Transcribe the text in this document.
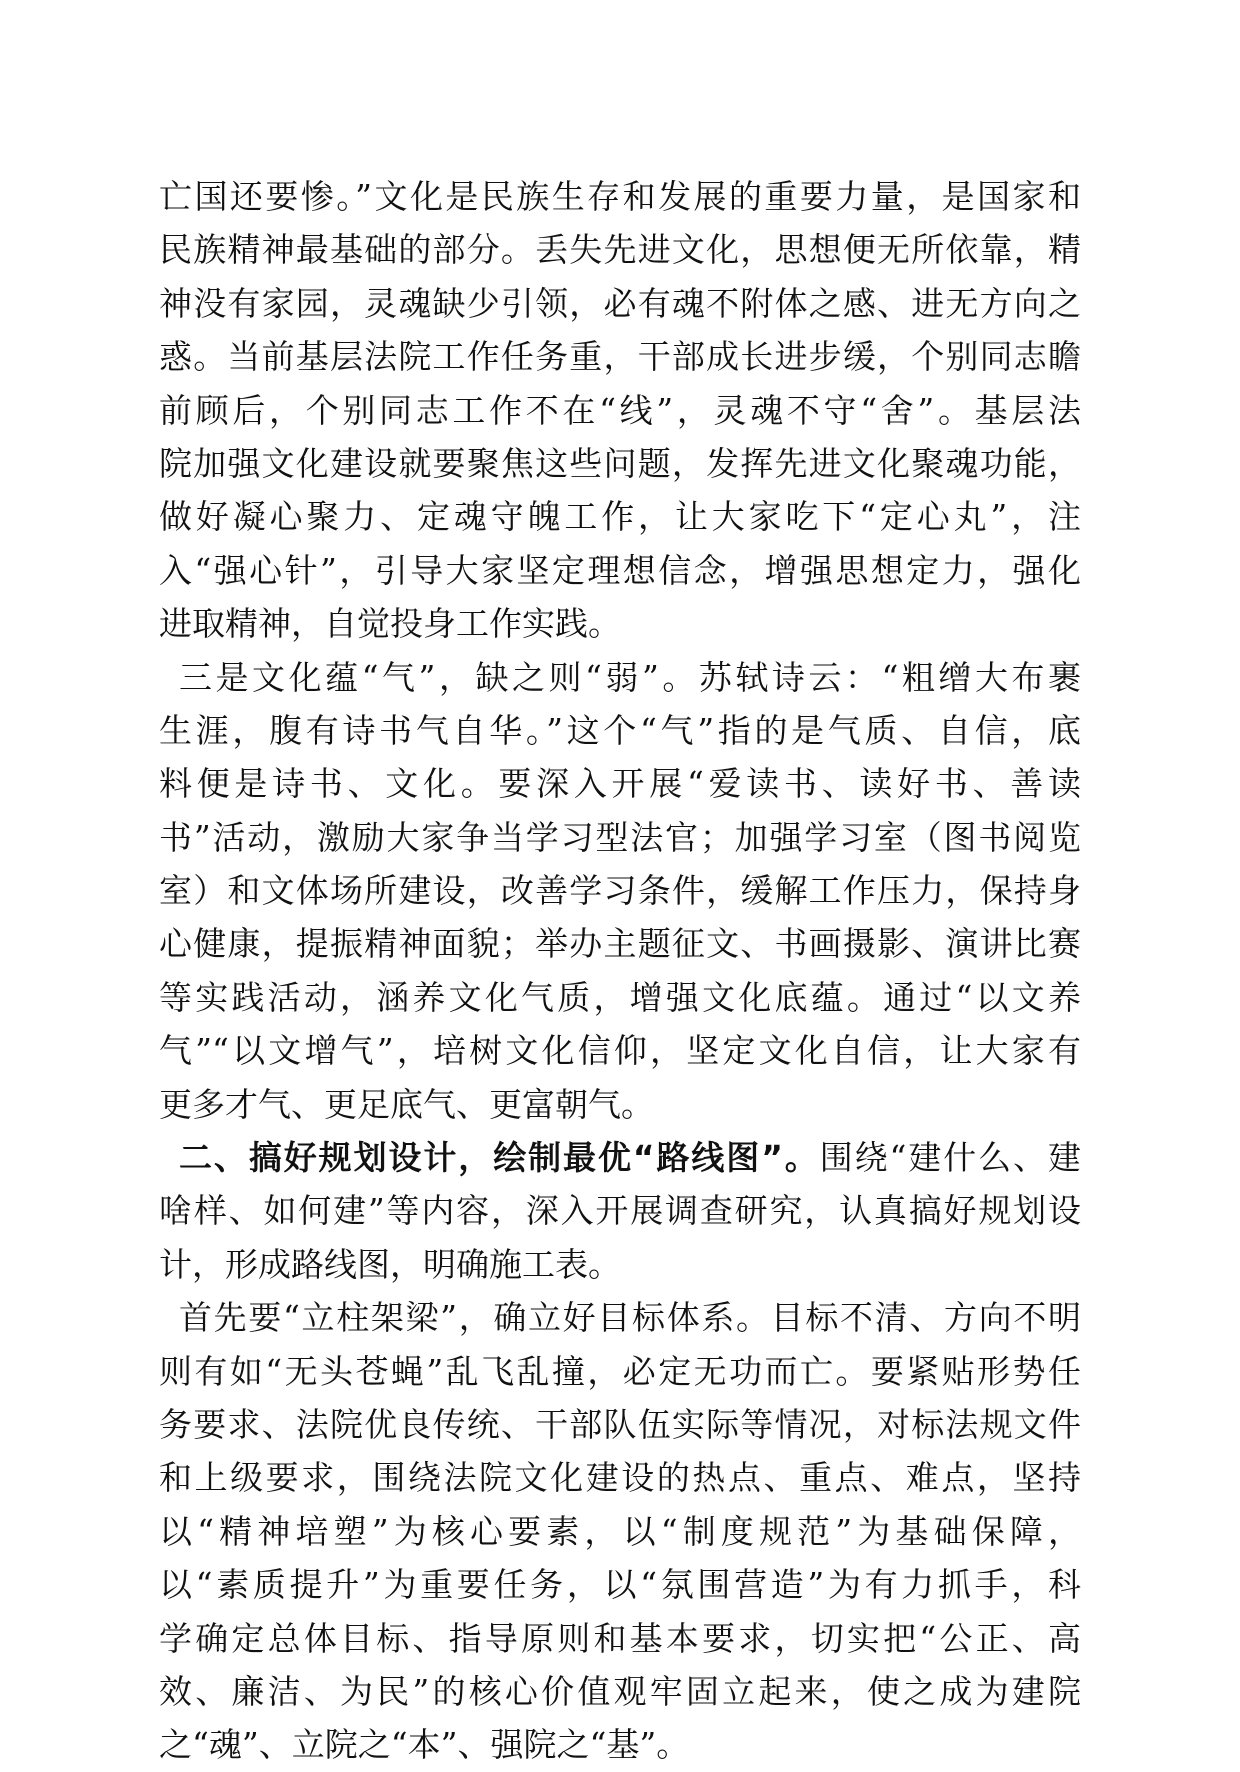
亡国还要惨。”文化是民族生存和发展的重要力量，是国家和
民族精神最基础的部分。丢失先进文化，思想便无所依靠，精
神没有家园，灵魂缺少引领，必有魂不附体之感、进无方向之
惑。当前基层法院工作任务重，干部成长进步缓，个别同志瞻
前顾后，个别同志工作不在“线”，灵魂不守“舍”。基层法
院加强文化建设就要聚焦这些问题，发挥先进文化聚魂功能，
做好凝心聚力、定魂守魄工作，让大家吃下“定心丸”，注
入“强心针”，引导大家坚定理想信念，增强思想定力，强化
进取精神，自觉投身工作实践。
三是文化蕴“气”，缺之则“弱”。苏轼诗云：“粗缯大布裹
生涯，腹有诗书气自华。”这个“气”指的是气质、自信，底
料便是诗书、文化。要深入开展“爱读书、读好书、善读
书”活动，激励大家争当学习型法官；加强学习室（图书阅览
室）和文体场所建设，改善学习条件，缓解工作压力，保持身
心健康，提振精神面貌；举办主题征文、书画摄影、演讲比赛
等实践活动，涵养文化气质，增强文化底蕴。通过“以文养
气”“以文增气”，培树文化信仰，坚定文化自信，让大家有
更多才气、更足底气、更富朝气。
二、搞好规划设计，绘制最优“路线图”。围绕“建什么、建
啥样、如何建”等内容，深入开展调查研究，认真搞好规划设
计，形成路线图，明确施工表。
首先要“立柱架梁”，确立好目标体系。目标不清、方向不明
则有如“无头苍蝇”乱飞乱撞，必定无功而亡。要紧贴形势任
务要求、法院优良传统、干部队伍实际等情况，对标法规文件
和上级要求，围绕法院文化建设的热点、重点、难点，坚持
以“精神培塑”为核心要素，以“制度规范”为基础保障，
以“素质提升”为重要任务，以“氛围营造”为有力抓手，科
学确定总体目标、指导原则和基本要求，切实把“公正、高
效、廉洁、为民”的核心价值观牢固立起来，使之成为建院
之“魂”、立院之“本”、强院之“基”。
